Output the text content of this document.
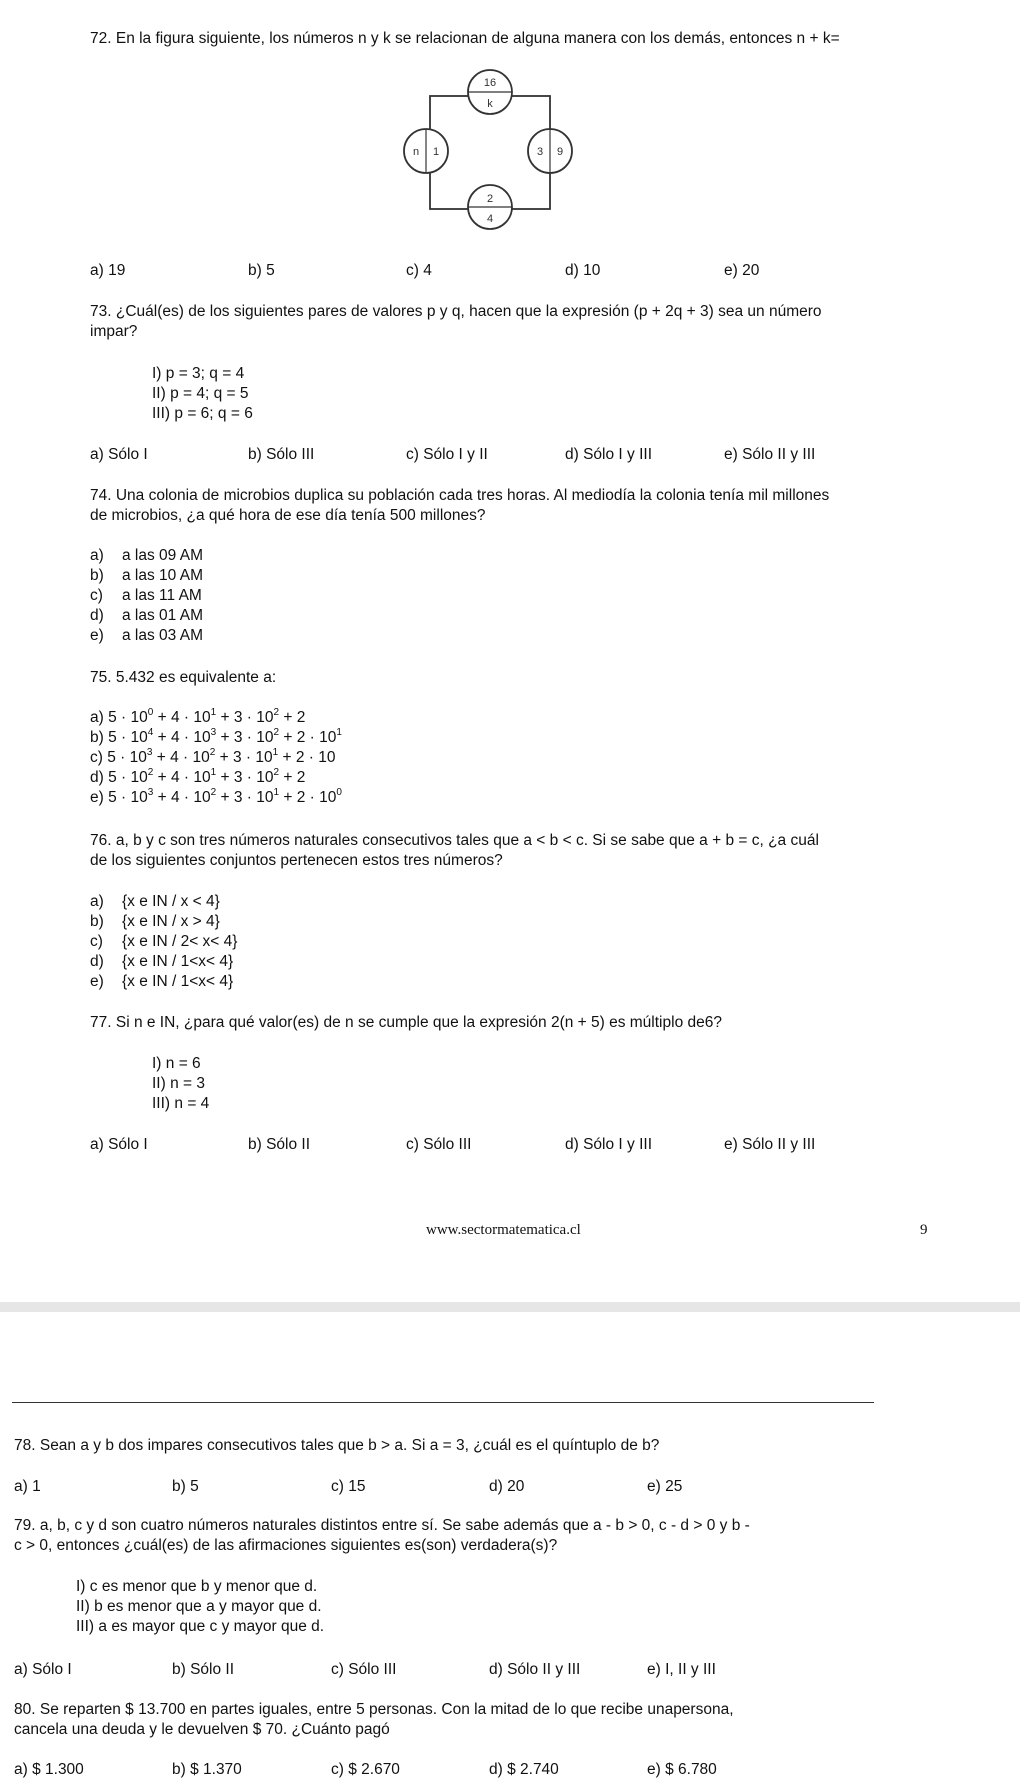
72. En la figura siguiente, los números n y k se relacionan de alguna manera con los demás, entonces n + k=
16
k
n 1	3 9
2
4
a) 19	b) 5	c) 4	d) 10	e) 20
73. ¿Cuál(es) de los siguientes pares de valores p y q, hacen que la expresión (p + 2q + 3) sea un número
impar?
I) p = 3; q = 4
II) p = 4; q = 5
III) p = 6; q = 6
a) Sólo I	b) Sólo III	c) Sólo I y II	d) Sólo I y III	e) Sólo II y III
74. Una colonia de microbios duplica su población cada tres horas. Al mediodía la colonia tenía mil millones
de microbios, ¿a qué hora de ese día tenía 500 millones?
a) a las 09 AM
b) a las 10 AM
c) a las 11 AM
d) a las 01 AM
e) a las 03 AM
75. 5.432 es equivalente a:
a) $5 \cdot 10^0 + 4 \cdot 10^1 + 3 \cdot 10^2 + 2$
b) $5 \cdot 10^4 + 4 \cdot 10^3 + 3 \cdot 10^2 + 2 \cdot 10^1$
c) $5 \cdot 10^3 + 4 \cdot 10^2 + 3 \cdot 10^1 + 2 \cdot 10$
d) $5 \cdot 10^2 + 4 \cdot 10^1 + 3 \cdot 10^2 + 2$
e) $5 \cdot 10^3 + 4 \cdot 10^2 + 3 \cdot 10^1 + 2 \cdot 10^0$
76. a, b y c son tres números naturales consecutivos tales que a < b < c. Si se sabe que a + b = c, ¿a cuál
de los siguientes conjuntos pertenecen estos tres números?
a) {x e IN / x < 4}
b) {x e IN / x > 4}
c) {x e IN / 2< x< 4}
d) {x e IN / 1<x< 4}
e) {x e IN / 1<x< 4}
77. Si n e IN, ¿para qué valor(es) de n se cumple que la expresión 2(n + 5) es múltiplo de6?
I) n = 6
II) n = 3
III) n = 4
a) Sólo I	b) Sólo II	c) Sólo III	d) Sólo I y III	e) Sólo II y III
www.sectormatematica.cl	9
78. Sean a y b dos impares consecutivos tales que b > a. Si a = 3, ¿cuál es el quíntuplo de b?
a) 1	b) 5	c) 15	d) 20	e) 25
79. a, b, c y d son cuatro números naturales distintos entre sí. Se sabe además que a - b > 0, c - d > 0 y b -
c > 0, entonces ¿cuál(es) de las afirmaciones siguientes es(son) verdadera(s)?
I) c es menor que b y menor que d.
II) b es menor que a y mayor que d.
III) a es mayor que c y mayor que d.
a) Sólo I	b) Sólo II	c) Sólo III	d) Sólo II y III	e) I, II y III
80. Se reparten $ 13.700 en partes iguales, entre 5 personas. Con la mitad de lo que recibe unapersona,
cancela una deuda y le devuelven $ 70. ¿Cuánto pagó
a) $ 1.300	b) $ 1.370	c) $ 2.670	d) $ 2.740	e) $ 6.780
